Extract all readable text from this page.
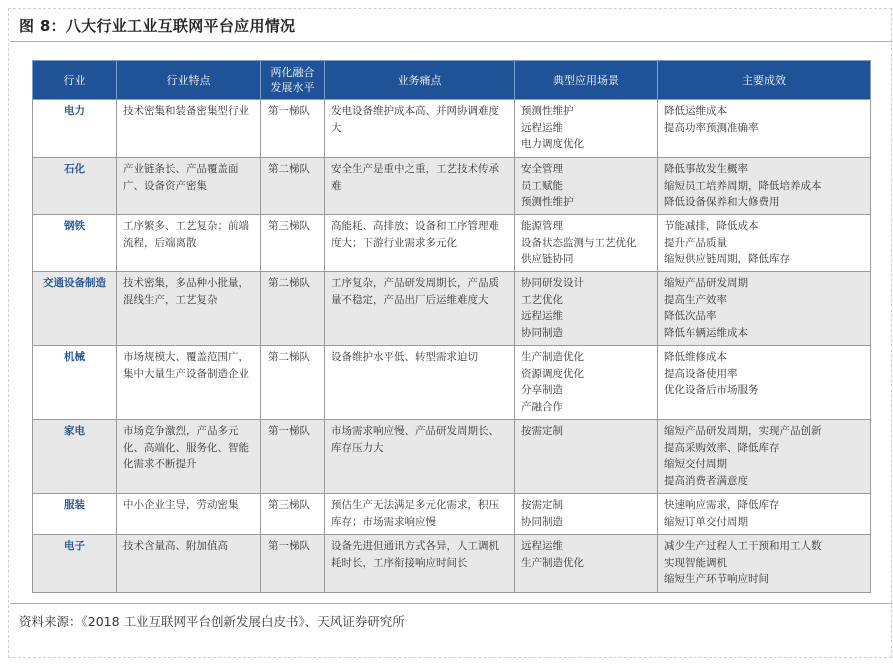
图 8：八大行业工业互联网平台应用情况
行业	行业特点	两化融合
发展水平	业务痛点	典型应用场景	主要成效
电力	技术密集和装备密集型行业	第一梯队	发电设备维护成本高、并网协调难度大	预测性维护
远程运维
电力调度优化	降低运维成本
提高功率预测准确率
石化	产业链条长、产品覆盖面广、设备资产密集	第二梯队	安全生产是重中之重，工艺技术传承难	安全管理
员工赋能
预测性维护	降低事故发生概率
缩短员工培养周期，降低培养成本
降低设备保养和大修费用
钢铁	工序繁多、工艺复杂；前端流程，后端离散	第三梯队	高能耗、高排放；设备和工序管理难度大；下游行业需求多元化	能源管理
设备状态监测与工艺优化
供应链协同	节能减排，降低成本
提升产品质量
缩短供应链周期，降低库存
交通设备制造	技术密集，多品种小批量，混线生产，工艺复杂	第二梯队	工序复杂，产品研发周期长，产品质量不稳定，产品出厂后运维难度大	协同研发设计
工艺优化
远程运维
协同制造	缩短产品研发周期
提高生产效率
降低次品率
降低车辆运维成本
机械	市场规模大、覆盖范围广，集中大量生产设备制造企业	第二梯队	设备维护水平低、转型需求迫切	生产制造优化
资源调度优化
分享制造
产融合作	降低维修成本
提高设备使用率
优化设备后市场服务
家电	市场竞争激烈，产品多元化、高端化、服务化、智能化需求不断提升	第一梯队	市场需求响应慢、产品研发周期长、库存压力大	按需定制	缩短产品研发周期，实现产品创新
提高采购效率、降低库存
缩短交付周期
提高消费者满意度
服装	中小企业主导，劳动密集	第三梯队	预估生产无法满足多元化需求，积压库存；市场需求响应慢	按需定制
协同制造	快速响应需求，降低库存
缩短订单交付周期
电子	技术含量高、附加值高	第一梯队	设备先进但通讯方式各异，人工调机耗时长，工序衔接响应时间长	远程运维
生产制造优化	减少生产过程人工干预和用工人数
实现智能调机
缩短生产环节响应时间
资料来源：《2018 工业互联网平台创新发展白皮书》、天风证券研究所
